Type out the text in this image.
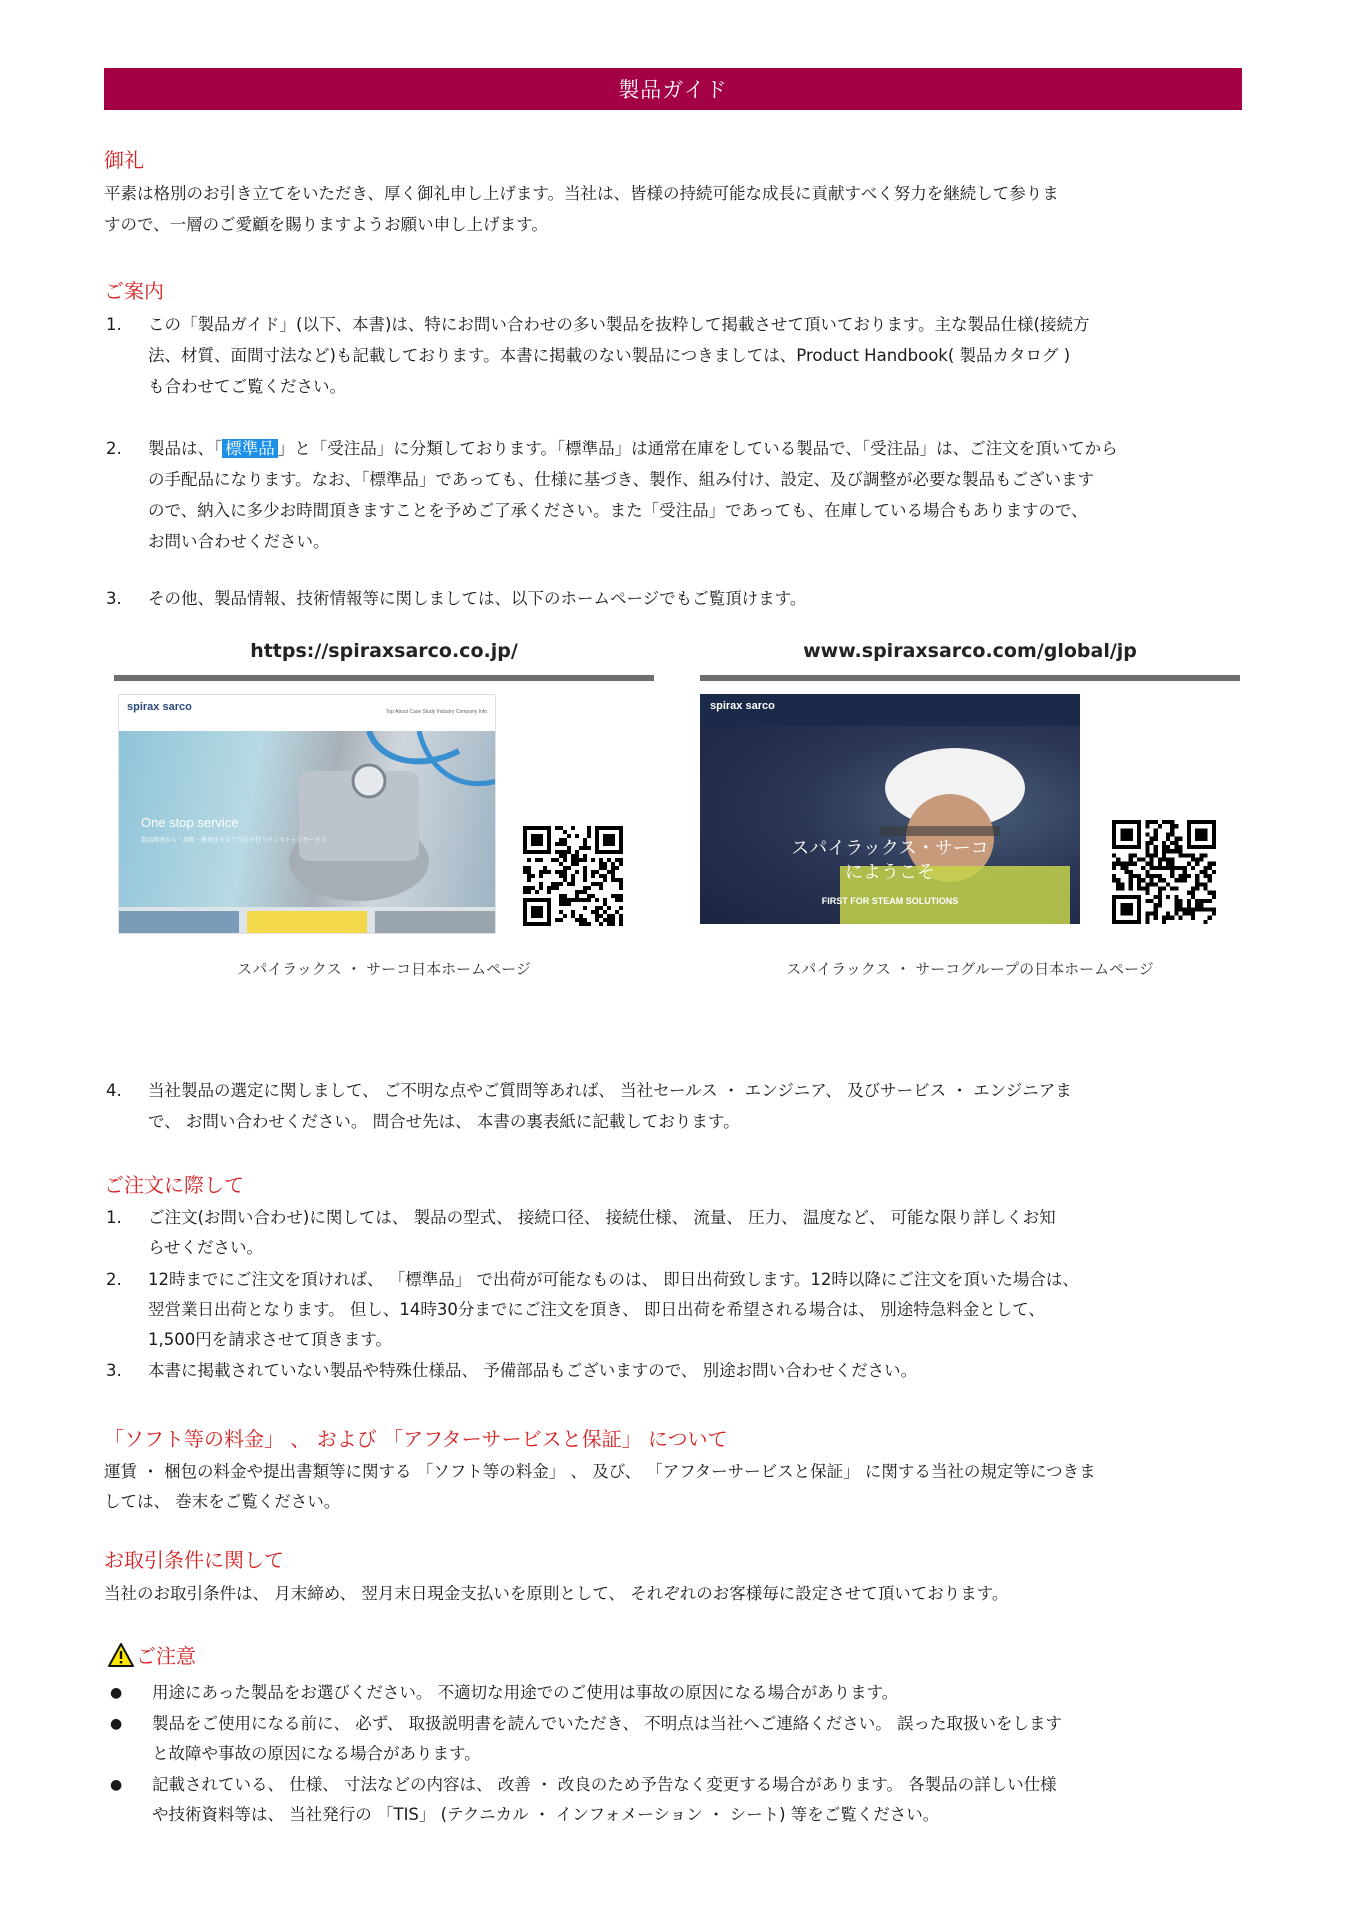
製品ガイド
御礼
平素は格別のお引き立てをいただき、厚く御礼申し上げます。当社は、皆様の持続可能な成長に貢献すべく努力を継続して参りま
すので、一層のご愛顧を賜りますようお願い申し上げます。
ご案内
1.	この「製品ガイド」(以下、本書)は、特にお問い合わせの多い製品を抜粋して掲載させて頂いております。主な製品仕様(接続方
法、材質、面間寸法など)も記載しております。本書に掲載のない製品につきましては、Product Handbook( 製品カタログ )
も合わせてご覧ください。
2.	製品は、「 標準品 」と「受注品」に分類しております。「標準品」は通常在庫をしている製品で、「受注品」は、ご注文を頂いてから
の手配品になります。なお、「標準品」であっても、仕様に基づき、製作、組み付け、設定、及び調整が必要な製品もございます
ので、納入に多少お時間頂きますことを予めご了承ください。また「受注品」であっても、在庫している場合もありますので、
お問い合わせください。
3.	その他、製品情報、技術情報等に関しましては、以下のホームページでもご覧頂けます。
https://spiraxsarco.co.jp/
spirax sarco	Top About Case Study Industry Company Info
One stop service
製品開発から・診断・修理まで全て当社で行うワンストップサービス
スパイラックス ・ サーコ日本ホームページ
www.spiraxsarco.com/global/jp
spirax sarco
スパイラックス・サーコ
にようこそ
FIRST FOR STEAM SOLUTIONS
スパイラックス ・ サーコグループの日本ホームページ
4.	当社製品の選定に関しまして、 ご不明な点やご質問等あれば、 当社セールス ・ エンジニア、 及びサービス ・ エンジニアま
で、 お問い合わせください。 問合せ先は、 本書の裏表紙に記載しております。
ご注文に際して
1.	ご注文(お問い合わせ)に関しては、 製品の型式、 接続口径、 接続仕様、 流量、 圧力、 温度など、 可能な限り詳しくお知
らせください。
2.	12時までにご注文を頂ければ、 「標準品」 で出荷が可能なものは、 即日出荷致します。12時以降にご注文を頂いた場合は、
翌営業日出荷となります。 但し、14時30分までにご注文を頂き、 即日出荷を希望される場合は、 別途特急料金として、
1,500円を請求させて頂きます。
3.	本書に掲載されていない製品や特殊仕様品、 予備部品もございますので、 別途お問い合わせください。
「ソフト等の料金」 、 および 「アフターサービスと保証」 について
運賃 ・ 梱包の料金や提出書類等に関する 「ソフト等の料金」 、 及び、 「アフターサービスと保証」 に関する当社の規定等につきま
しては、 巻末をご覧ください。
お取引条件に関して
当社のお取引条件は、 月末締め、 翌月末日現金支払いを原則として、 それぞれのお客様毎に設定させて頂いております。
ご注意
● 用途にあった製品をお選びください。 不適切な用途でのご使用は事故の原因になる場合があります。
● 製品をご使用になる前に、 必ず、 取扱説明書を読んでいただき、 不明点は当社へご連絡ください。 誤った取扱いをします
と故障や事故の原因になる場合があります。
● 記載されている、 仕様、 寸法などの内容は、 改善 ・ 改良のため予告なく変更する場合があります。 各製品の詳しい仕様
や技術資料等は、 当社発行の 「TIS」 (テクニカル ・ インフォメーション ・ シート) 等をご覧ください。
